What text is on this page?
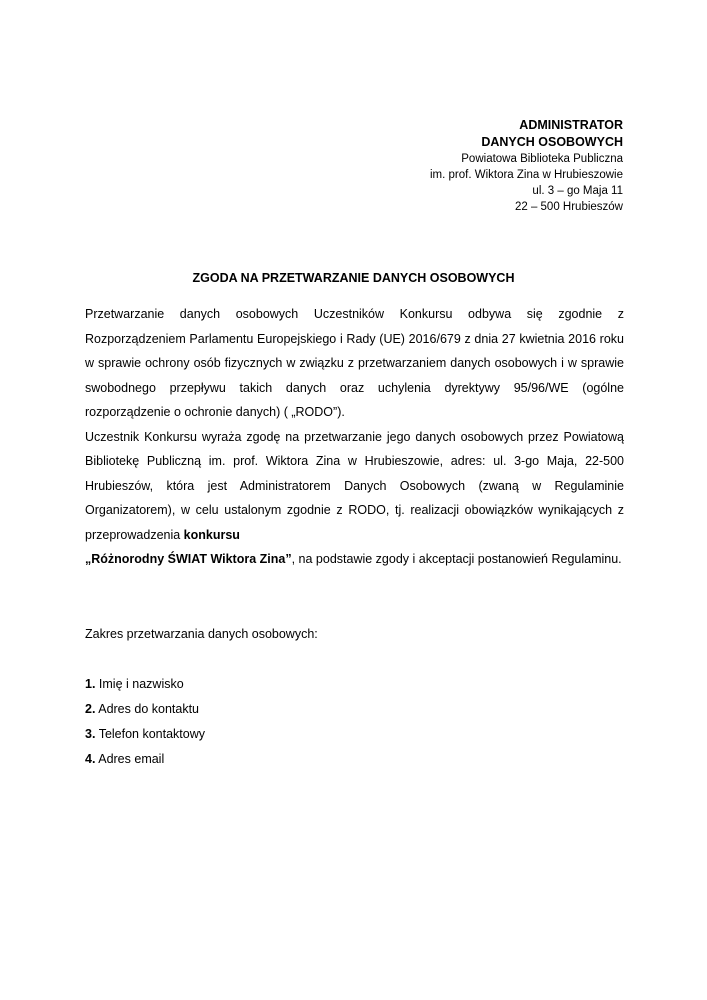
ADMINISTRATOR
DANYCH OSOBOWYCH
Powiatowa Biblioteka Publiczna
im. prof. Wiktora Zina w Hrubieszowie
ul. 3 – go Maja 11
22 – 500 Hrubieszów
ZGODA NA PRZETWARZANIE DANYCH OSOBOWYCH

Przetwarzanie danych osobowych Uczestników Konkursu odbywa się zgodnie z Rozporządzeniem Parlamentu Europejskiego i Rady (UE) 2016/679 z dnia 27 kwietnia 2016 roku w sprawie ochrony osób fizycznych w związku z przetwarzaniem danych osobowych i w sprawie swobodnego przepływu takich danych oraz uchylenia dyrektywy 95/96/WE (ogólne rozporządzenie o ochronie danych) ( „RODO”).

Uczestnik Konkursu wyraża zgodę na przetwarzanie jego danych osobowych przez Powiatową Bibliotekę Publiczną im. prof. Wiktora Zina w Hrubieszowie, adres: ul. 3-go Maja, 22-500 Hrubieszów, która jest Administratorem Danych Osobowych (zwaną w Regulaminie Organizatorem), w celu ustalonym zgodnie z RODO, tj. realizacji obowiązków wynikających z przeprowadzenia konkursu
„Różnorodny ŚWIAT Wiktora Zina”, na podstawie zgody i akceptacji postanowień Regulaminu.

Zakres przetwarzania danych osobowych:

1. Imię i nazwisko
2. Adres do kontaktu
3. Telefon kontaktowy
4. Adres email
